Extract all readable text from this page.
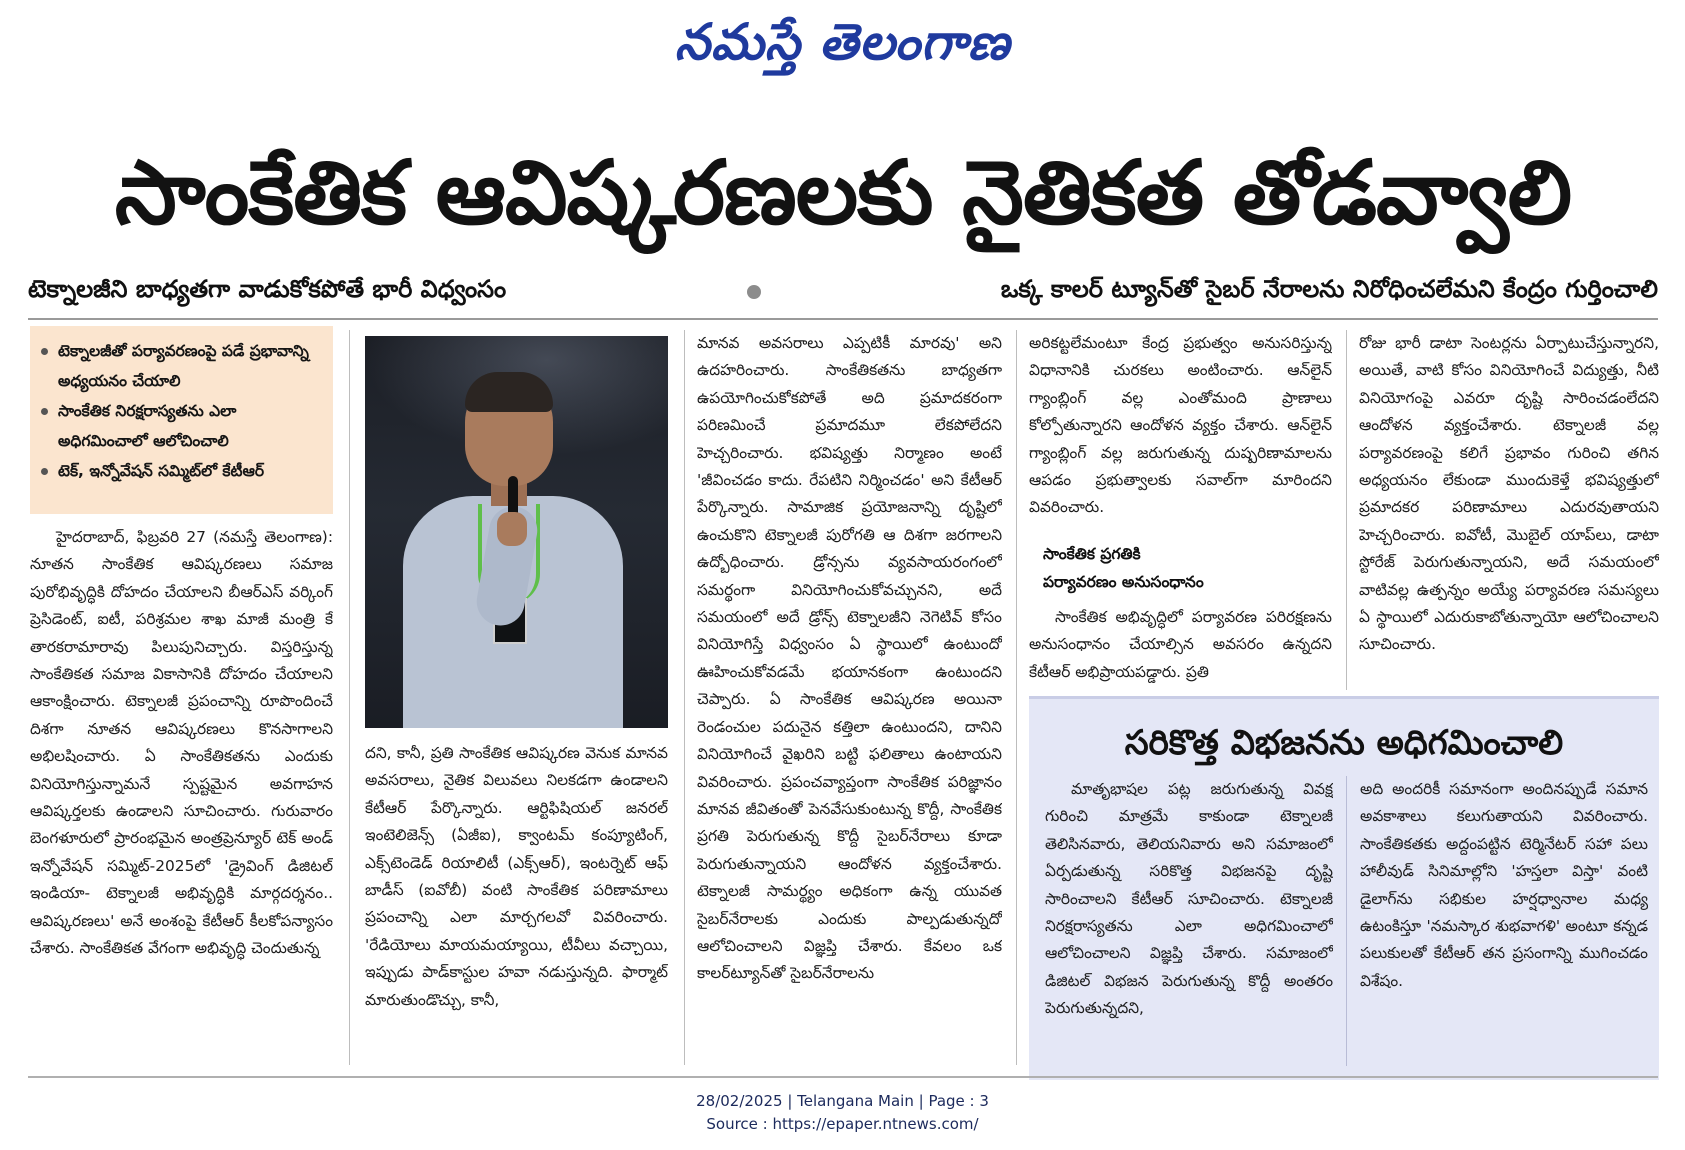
నమస్తే తెలంగాణ
సాంకేతిక ఆవిష్కరణలకు నైతికత తోడవ్వాలి
టెక్నాలజీని బాధ్యతగా వాడుకోకపోతే భారీ విధ్వంసం	ఒక్క కాలర్ ట్యూన్‌తో సైబర్ నేరాలను నిరోధించలేమని కేంద్రం గుర్తించాలి
టెక్నాలజీతో పర్యావరణంపై పడే ప్రభావాన్ని అధ్యయనం చేయాలి
సాంకేతిక నిరక్షరాస్యతను ఎలా అధిగమించాలో ఆలోచించాలి
టెక్, ఇన్నోవేషన్ సమ్మిట్‌లో కేటీఆర్

హైదరాబాద్, ఫిబ్రవరి 27 (నమస్తే తెలంగాణ): నూతన సాంకేతిక ఆవిష్కరణలు సమాజ పురోభివృద్ధికి దోహదం చేయాలని బీఆర్‌ఎస్ వర్కింగ్ ప్రెసిడెంట్, ఐటీ, పరిశ్రమల శాఖ మాజీ మంత్రి కే తారకరామారావు పిలుపునిచ్చారు. విస్తరిస్తున్న సాంకేతికత సమాజ వికాసానికి దోహదం చేయాలని ఆకాంక్షించారు. టెక్నాలజీ ప్రపంచాన్ని రూపొందించే దిశగా నూతన ఆవిష్కరణలు కొనసాగాలని అభిలషించారు. ఏ సాంకేతికతను ఎందుకు వినియోగిస్తున్నామనే స్పష్టమైన అవగాహన ఆవిష్కర్తలకు ఉండాలని సూచించారు. గురువారం బెంగళూరులో ప్రారంభమైన అంత్రప్రెన్యూర్ టెక్ అండ్ ఇన్నోవేషన్ సమ్మిట్-2025లో 'డ్రైవింగ్ డిజిటల్ ఇండియా- టెక్నాలజీ అభివృద్ధికి మార్గదర్శనం.. ఆవిష్కరణలు' అనే అంశంపై కేటీఆర్ కీలకోపన్యాసం చేశారు. సాంకేతికత వేగంగా అభివృద్ధి చెందుతున్న

దని, కానీ, ప్రతి సాంకేతిక ఆవిష్కరణ వెనుక మానవ అవసరాలు, నైతిక విలువలు నిలకడగా ఉండాలని కేటీఆర్ పేర్కొన్నారు. ఆర్టిఫిషియల్ జనరల్ ఇంటెలిజెన్స్ (ఏజీఐ), క్వాంటమ్ కంప్యూటింగ్, ఎక్స్‌టెండెడ్ రియాలిటీ (ఎక్స్‌ఆర్), ఇంటర్నెట్ ఆఫ్ బాడీస్ (ఐవోబీ) వంటి సాంకేతిక పరిణామాలు ప్రపంచాన్ని ఎలా మార్చగలవో వివరించారు. 'రేడియోలు మాయమయ్యాయి, టీవీలు వచ్చాయి, ఇప్పుడు పాడ్‌కాస్టుల హవా నడుస్తున్నది. ఫార్మాట్ మారుతుండొచ్చు, కానీ,

మానవ అవసరాలు ఎప్పటికీ మారవు' అని ఉదహరించారు. సాంకేతికతను బాధ్యతగా ఉపయోగించుకోకపోతే అది ప్రమాదకరంగా పరిణమించే ప్రమాదమూ లేకపోలేదని హెచ్చరించారు. భవిష్యత్తు నిర్మాణం అంటే 'జీవించడం కాదు. రేపటిని నిర్మించడం' అని కేటీఆర్ పేర్కొన్నారు. సామాజిక ప్రయోజనాన్ని దృష్టిలో ఉంచుకొని టెక్నాలజీ పురోగతి ఆ దిశగా జరగాలని ఉద్బోధించారు. డ్రోన్సను వ్యవసాయరంగంలో సమర్థంగా వినియోగించుకోవచ్చునని, అదే సమయంలో అదే డ్రోన్స్ టెక్నాలజీని నెగెటివ్ కోసం వినియోగిస్తే విధ్వంసం ఏ స్థాయిలో ఉంటుందో ఊహించుకోవడమే భయానకంగా ఉంటుందని చెప్పారు. ఏ సాంకేతిక ఆవిష్కరణ అయినా రెండంచుల పదునైన కత్తిలా ఉంటుందని, దానిని వినియోగించే వైఖరిని బట్టి ఫలితాలు ఉంటాయని వివరించారు. ప్రపంచవ్యాప్తంగా సాంకేతిక పరిజ్ఞానం మానవ జీవితంతో పెనవేసుకుంటున్న కొద్దీ, సాంకేతిక ప్రగతి పెరుగుతున్న కొద్దీ సైబర్‌నేరాలు కూడా పెరుగుతున్నాయని ఆందోళన వ్యక్తంచేశారు. టెక్నాలజీ సామర్థ్యం అధికంగా ఉన్న యువత సైబర్‌నేరాలకు ఎందుకు పాల్పడుతున్నదో ఆలోచించాలని విజ్ఞప్తి చేశారు. కేవలం ఒక కాలర్‌ట్యూన్‌తో సైబర్‌నేరాలను

అరికట్టలేమంటూ కేంద్ర ప్రభుత్వం అనుసరిస్తున్న విధానానికి చురకలు అంటించారు. ఆన్‌లైన్ గ్యాంబ్లింగ్ వల్ల ఎంతోమంది ప్రాణాలు కోల్పోతున్నారని ఆందోళన వ్యక్తం చేశారు. ఆన్‌లైన్ గ్యాంబ్లింగ్ వల్ల జరుగుతున్న దుష్పరిణామాలను ఆపడం ప్రభుత్వాలకు సవాల్‌గా మారిందని వివరించారు.

సాంకేతిక ప్రగతికి
పర్యావరణం అనుసంధానం

సాంకేతిక అభివృద్ధిలో పర్యావరణ పరిరక్షణను అనుసంధానం చేయాల్సిన అవసరం ఉన్నదని కేటీఆర్ అభిప్రాయపడ్డారు. ప్రతి

రోజు భారీ డాటా సెంటర్లను ఏర్పాటుచేస్తున్నారని, అయితే, వాటి కోసం వినియోగించే విద్యుత్తు, నీటి వినియోగంపై ఎవరూ దృష్టి సారించడంలేదని ఆందోళన వ్యక్తంచేశారు. టెక్నాలజీ వల్ల పర్యావరణంపై కలిగే ప్రభావం గురించి తగిన అధ్యయనం లేకుండా ముందుకెళ్తే భవిష్యత్తులో ప్రమాదకర పరిణామాలు ఎదురవుతాయని హెచ్చరించారు. ఐవోటీ, మొబైల్ యాప్‌లు, డాటా స్టోరేజ్ పెరుగుతున్నాయని, అదే సమయంలో వాటివల్ల ఉత్పన్నం అయ్యే పర్యావరణ సమస్యలు ఏ స్థాయిలో ఎదురుకాబోతున్నాయో ఆలోచించాలని సూచించారు.

సరికొత్త విభజనను అధిగమించాలి

మాతృభాషల పట్ల జరుగుతున్న వివక్ష గురించి మాత్రమే కాకుండా టెక్నాలజీ తెలిసినవారు, తెలియనివారు అని సమాజంలో ఏర్పడుతున్న సరికొత్త విభజనపై దృష్టి సారించాలని కేటీఆర్ సూచించారు. టెక్నాలజీ నిరక్షరాస్యతను ఎలా అధిగమించాలో ఆలోచించాలని విజ్ఞప్తి చేశారు. సమాజంలో డిజిటల్ విభజన పెరుగుతున్న కొద్దీ అంతరం పెరుగుతున్నదని,

అది అందరికీ సమానంగా అందినప్పుడే సమాన అవకాశాలు కలుగుతాయని వివరించారు. సాంకేతికతకు అద్దంపట్టిన టెర్మినేటర్ సహా పలు హాలీవుడ్ సినిమాల్లోని 'హస్తలా విస్తా' వంటి డైలాగ్‌ను సభికుల హర్షధ్వానాల మధ్య ఉటంకిస్తూ 'నమస్కార శుభవాగళి' అంటూ కన్నడ పలుకులతో కేటీఆర్ తన ప్రసంగాన్ని ముగించడం విశేషం.

28/02/2025 | Telangana Main | Page : 3
Source : https://epaper.ntnews.com/
